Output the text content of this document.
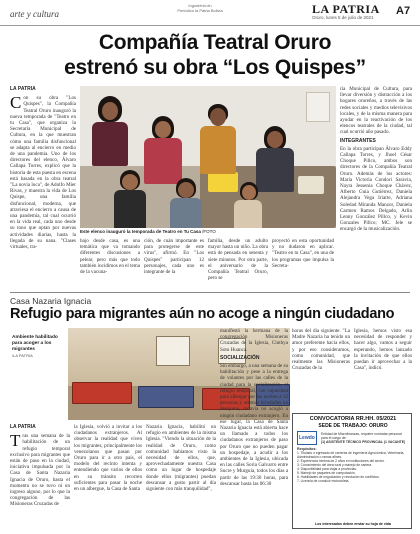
arte y cultura
Ingoelérlo:dn
Periódico la Patria Bolivia	LA PATRIA
Oruro, lunes 5 de julio de 2021
A7
Compañía Teatral Oruro
estrenó su obra “Los Quispes”
LA PATRIA
C on su obra "Los Quispes", la Compañía Teatral Oruro inauguró la nueva temporada de "Teatro en tu Casa", que organiza la Secretaría Municipal de Cultura, en la que muestran cómo una familia disfuncional se adapta al encierro en medio de una pandemia. Uno de los directores del elenco, Álvaro Callapa Torres, explicó que la historia de esta puesta en escena está basada en la obra teatral "La novia loca", de Adolfo Mier Rivas, y muestra la vida de Los Quispe, una familia disfuncional, moderna, que atraviesa el encierro a causa de una pandemia, tal cual ocurrió en la vida real, cada uno desde su tono que optan por nuevas actividades diarias, hasta la llegada de su nana. "Clases virtuales, tra-
Este elenco inauguró la temporada de Teatro en Tu Casa /FOTO
bajo desde casa, es una temática que va tomando diferentes discusiones a pelear, pero más que todo también incidimos en el tema de la vacuna-
ción, de cuán importante es para protegerse de este virus", afirmó. En "Los Quispes" participan 12 personajes, cada uno es integrante de la
familia, desde un adulto mayor hasta un niño. La obra está de pensada en sesenta y siete minutos. Por otra parte, el aniversario de la Compañía Teatral Oruro, pero se
proyectó en esta oportunidad y no dudaron en aplicar. "Teatro en tu Casa", en una de los programas que impulsa la Secreta-
ría Municipal de Cultura, para llevar diversión y distracción a los hogares orureños, a través de las redes sociales y medios televisivos locales, y de la misma manera para ayudar en la reactivación de los elencos teatrales de la ciudad, tal cual ocurrió año pasado.
INTEGRANTES
En la obra participan Álvaro Eddy Callapa Torres, y Jhoel César Choque Pillco, ambos son directores de la Compañía Teatral Oruro. Además de los actores: María Victoria Condori Saravia, Nayra Jessenia Choque Chávez, Alberto Guía Gutiérrez, Daniela Alejandra Vega Iriarte, Adriana Soledad Miranda Manzor, Daniela Carmen Ramos Delgado, Arlin Lenny González Pillco, y Kevin Gonzales Pillco; MC. Jele se encargó de la musicalización.
Casa Nazaria Ignacia
Refugio para migrantes aún no acoge a ningún ciudadano
Ambiente habilitado para acoger a los migrantes
/LA PATRIA
LA PATRIA
T ras una semana de la habilitación de un refugio temporal exclusivo para migrantes que están de paso en la ciudad, iniciativa impulsada por la Casa de Santa Nazaria Ignacia de Oruro, hasta el momento no se tuvo ni un ingreso alguno, por lo que la congregación de las Misioneras Cruzadas de
la Iglesia, volvió a invitar a los ciudadanos extranjeros. Al observar la realidad que viven los migrantes, principalmente los venezolanos que pasan por Oruro para ir a otro país, el modelo del recinto intenta y entendiendo que varios de ellos en su tránsito recorren suficientes para pasar la noche en un albergue, la Casa de Santa
Nazaria Ignacia, habilitó un refugio en ambientes de la misma Iglesia. "Viendo la situación de la realidad de Oruro, como comunidad habíamos visto la necesidad de ellos, que, aprovechadamente nuestra Casa como un lugar de hospedaje donde ellos (migrantes) puedan descansar a gusto partir al día siguiente con más tranquilidad",
manifestó la hermana de la congregación Misioneras Cruzadas de la Iglesia, Cinthya Soto Huanca.
SOCIALIZACIÓN
Sin embargo, a una semana de su habilitación y pese a la entrega de volantes por las calles de la ciudad para la socialización, el refugio temporal, con capacidad para albergar por las noches a 12 personas y además brindarles un desayuno, todavía no acogió a ningún ciudadano extranjero. En ese lugar, la Casa de Santa Nazaria Ignacia está abierta hace un llamado a todos los ciudadanos extranjeros de paso por Oruro que no pueden pagar un hospedaje, a acudir a los ambientes de la Iglesia, ubicada en las calles Soria Galvarro entre Sucre y Murguía, todos los días a partir de las 19:30 horas, para descansar hasta las 06:30
horas del día siguiente. "La Madre Nazaria ha tenido un amor preferente hacia ellos, y por eso consideramos, como comunidad, que realmente las Misioneras Cruzadas de la
Iglesia, hemos visto esa necesidad de responder y hacer algo, vamos a seguir esperando, hemos lanzado la invitación de que ellos puedan ir aprovechar a la Casa", indicó.
CONVOCATORIA RR.HH. 05/2021
SEDE DE TRABAJO: ORURO
Lewdo
Entidad de Microfinanzas, requiere contratar personal para el cargo de:
(1) ASISTENTE TÉCNICO PROVINCIAL (1 VACANTE)
Requisitos:
1. Titulado o egresado de carreras de Ingeniería Agronómica, Veterinaria, Administración o ramas afines.
2. Experiencia mínima de 2 años en instituciones del sector.
3. Conocimiento del área rural y manejo de cartera.
4. Disponibilidad para viajar a provincias.
5. Manejo de paquetes de computación.
6. Habilidades de negociación y resolución de conflictos.
7. Licencia de conducir motocicleta.
Los interesados deben enviar su hoja de vida
